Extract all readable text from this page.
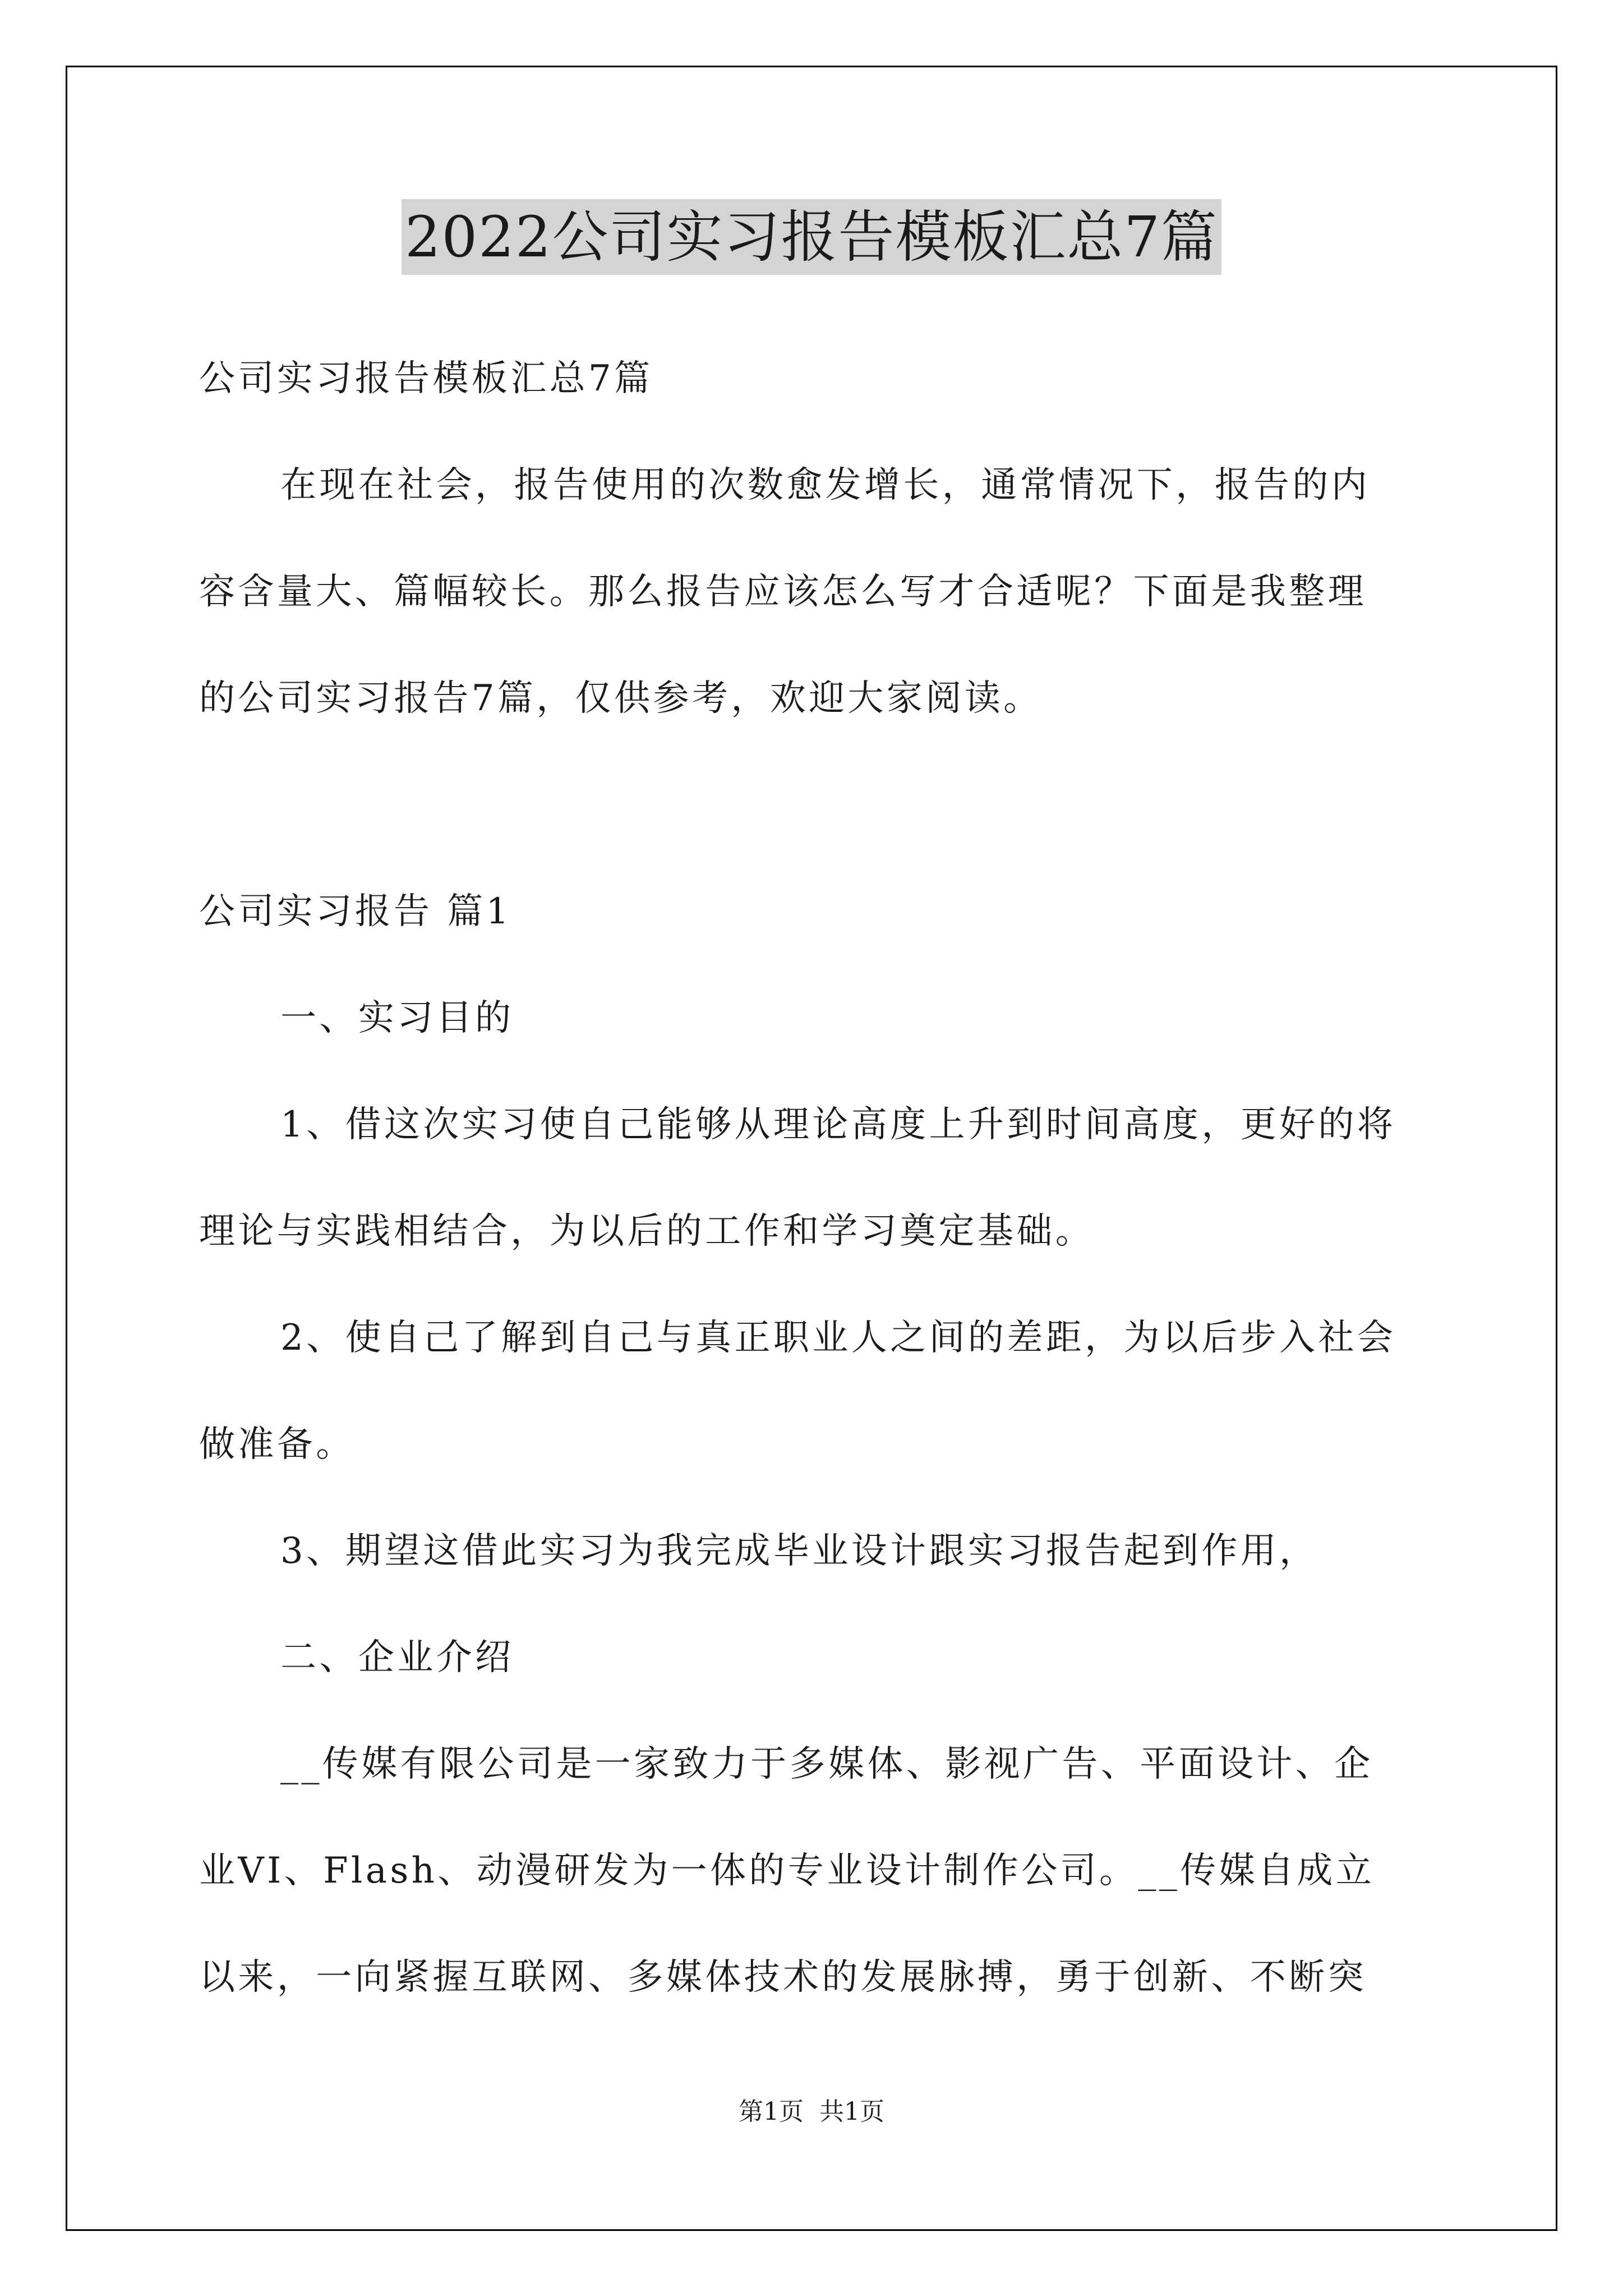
2022公司实习报告模板汇总7篇
公司实习报告模板汇总7篇
在现在社会，报告使用的次数愈发增长，通常情况下，报告的内
容含量大、篇幅较长。那么报告应该怎么写才合适呢？下面是我整理
的公司实习报告7篇，仅供参考，欢迎大家阅读。
公司实习报告 篇1
一、实习目的
1、借这次实习使自己能够从理论高度上升到时间高度，更好的将
理论与实践相结合，为以后的工作和学习奠定基础。
2、使自己了解到自己与真正职业人之间的差距，为以后步入社会
做准备。
3、期望这借此实习为我完成毕业设计跟实习报告起到作用，
二、企业介绍
__传媒有限公司是一家致力于多媒体、影视广告、平面设计、企
业VI、Flash、动漫研发为一体的专业设计制作公司。__传媒自成立
以来，一向紧握互联网、多媒体技术的发展脉搏，勇于创新、不断突
第1页  共1页
